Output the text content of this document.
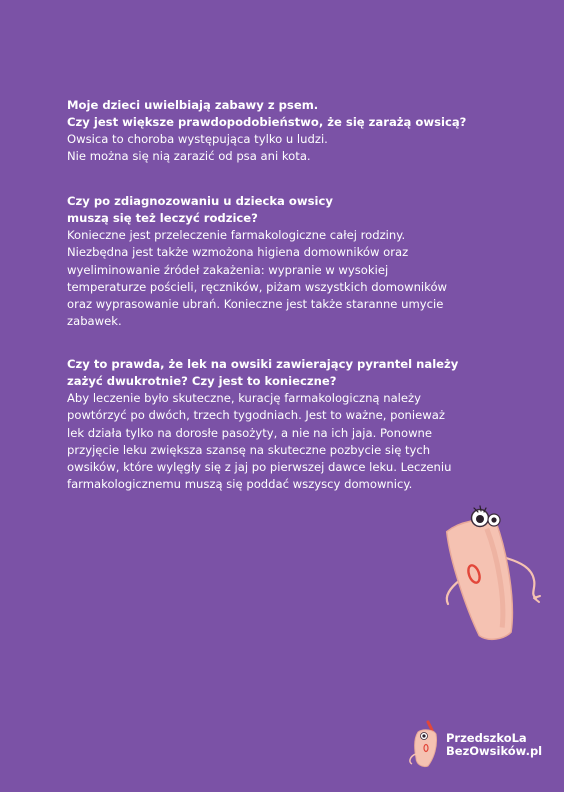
Moje dzieci uwielbiają zabawy z psem.
Czy jest większe prawdopodobieństwo, że się zarażą owsicą?

Owsica to choroba występująca tylko u ludzi.
Nie można się nią zarazić od psa ani kota.

Czy po zdiagnozowaniu u dziecka owsicy
muszą się też leczyć rodzice?

Konieczne jest przeleczenie farmakologiczne całej rodziny.
Niezbędna jest także wzmożona higiena domowników oraz
wyeliminowanie źródeł zakażenia: wypranie w wysokiej
temperaturze pościeli, ręczników, piżam wszystkich domowników
oraz wyprasowanie ubrań. Konieczne jest także staranne umycie
zabawek.

Czy to prawda, że lek na owsiki zawierający pyrantel należy
zażyć dwukrotnie? Czy jest to konieczne?

Aby leczenie było skuteczne, kurację farmakologiczną należy
powtórzyć po dwóch, trzech tygodniach. Jest to ważne, ponieważ
lek działa tylko na dorosłe pasożyty, a nie na ich jaja. Ponowne
przyjęcie leku zwiększa szansę na skuteczne pozbycie się tych
owsików, które wylęgły się z jaj po pierwszej dawce leku. Leczeniu
farmakologicznemu muszą się poddać wszyscy domownicy.

PrzedszkoLa
BezOwsików.pl
